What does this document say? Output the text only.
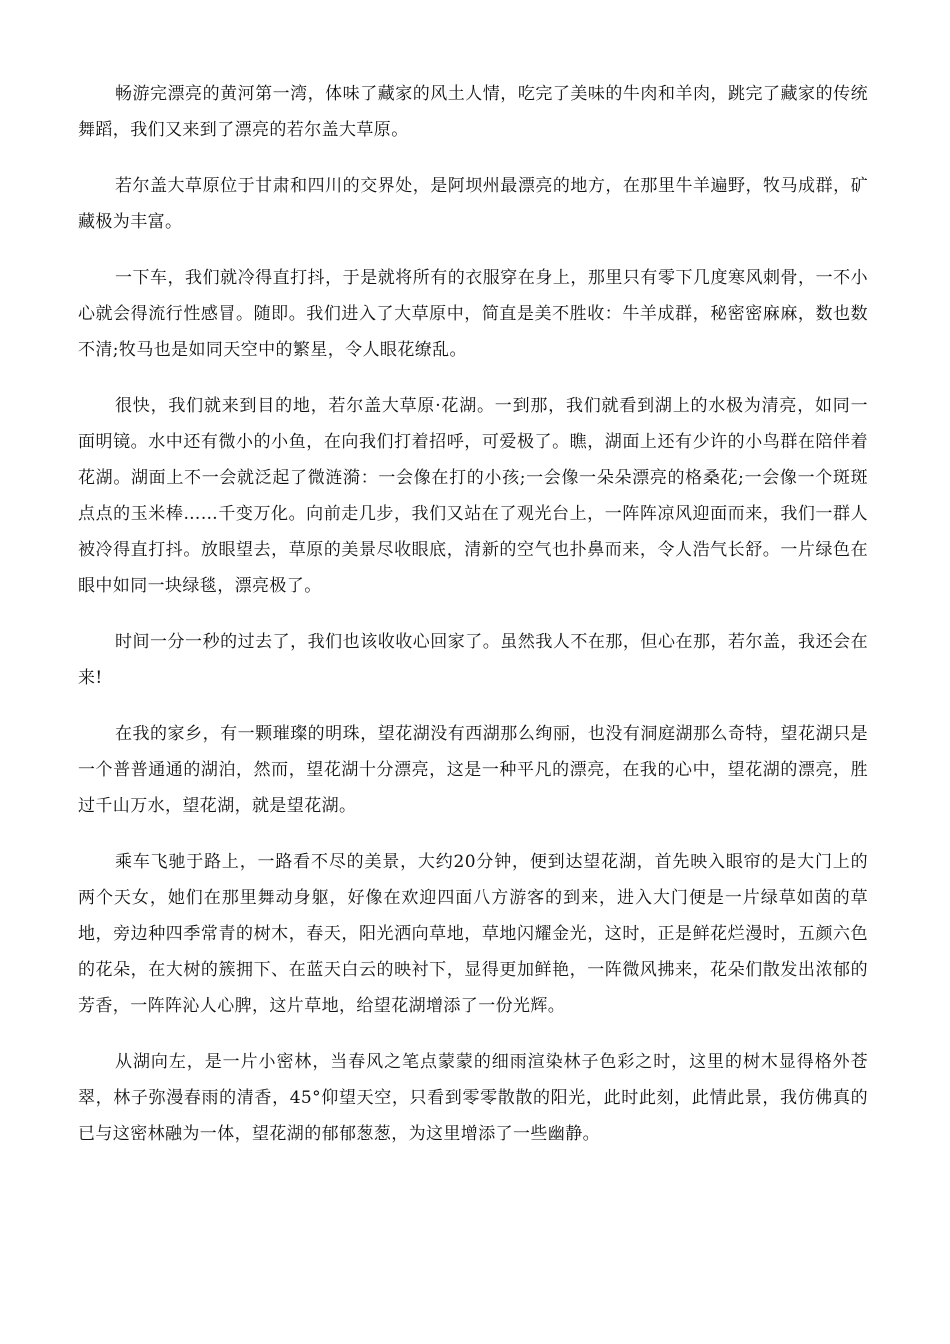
畅游完漂亮的黄河第一湾，体味了藏家的风土人情，吃完了美味的牛肉和羊肉，跳完了藏家的传统舞蹈，我们又来到了漂亮的若尔盖大草原。

若尔盖大草原位于甘肃和四川的交界处，是阿坝州最漂亮的地方，在那里牛羊遍野，牧马成群，矿藏极为丰富。

一下车，我们就冷得直打抖，于是就将所有的衣服穿在身上，那里只有零下几度寒风刺骨，一不小心就会得流行性感冒。随即。我们进入了大草原中，简直是美不胜收：牛羊成群，秘密密麻麻，数也数不清;牧马也是如同天空中的繁星，令人眼花缭乱。

很快，我们就来到目的地，若尔盖大草原·花湖。一到那，我们就看到湖上的水极为清亮，如同一面明镜。水中还有微小的小鱼，在向我们打着招呼，可爱极了。瞧，湖面上还有少许的小鸟群在陪伴着花湖。湖面上不一会就泛起了微涟漪：一会像在打的小孩;一会像一朵朵漂亮的格桑花;一会像一个斑斑点点的玉米棒……千变万化。向前走几步，我们又站在了观光台上，一阵阵凉风迎面而来，我们一群人被冷得直打抖。放眼望去，草原的美景尽收眼底，清新的空气也扑鼻而来，令人浩气长舒。一片绿色在眼中如同一块绿毯，漂亮极了。

时间一分一秒的过去了，我们也该收收心回家了。虽然我人不在那，但心在那，若尔盖，我还会在来!

在我的家乡，有一颗璀璨的明珠，望花湖没有西湖那么绚丽，也没有洞庭湖那么奇特，望花湖只是一个普普通通的湖泊，然而，望花湖十分漂亮，这是一种平凡的漂亮，在我的心中，望花湖的漂亮，胜过千山万水，望花湖，就是望花湖。

乘车飞驰于路上，一路看不尽的美景，大约20分钟，便到达望花湖，首先映入眼帘的是大门上的两个天女，她们在那里舞动身躯，好像在欢迎四面八方游客的到来，进入大门便是一片绿草如茵的草地，旁边种四季常青的树木，春天，阳光洒向草地，草地闪耀金光，这时，正是鲜花烂漫时，五颜六色的花朵，在大树的簇拥下、在蓝天白云的映衬下，显得更加鲜艳，一阵微风拂来，花朵们散发出浓郁的芳香，一阵阵沁人心脾，这片草地，给望花湖增添了一份光辉。

从湖向左，是一片小密林，当春风之笔点蒙蒙的细雨渲染林子色彩之时，这里的树木显得格外苍翠，林子弥漫春雨的清香，45°仰望天空，只看到零零散散的阳光，此时此刻，此情此景，我仿佛真的已与这密林融为一体，望花湖的郁郁葱葱，为这里增添了一些幽静。
